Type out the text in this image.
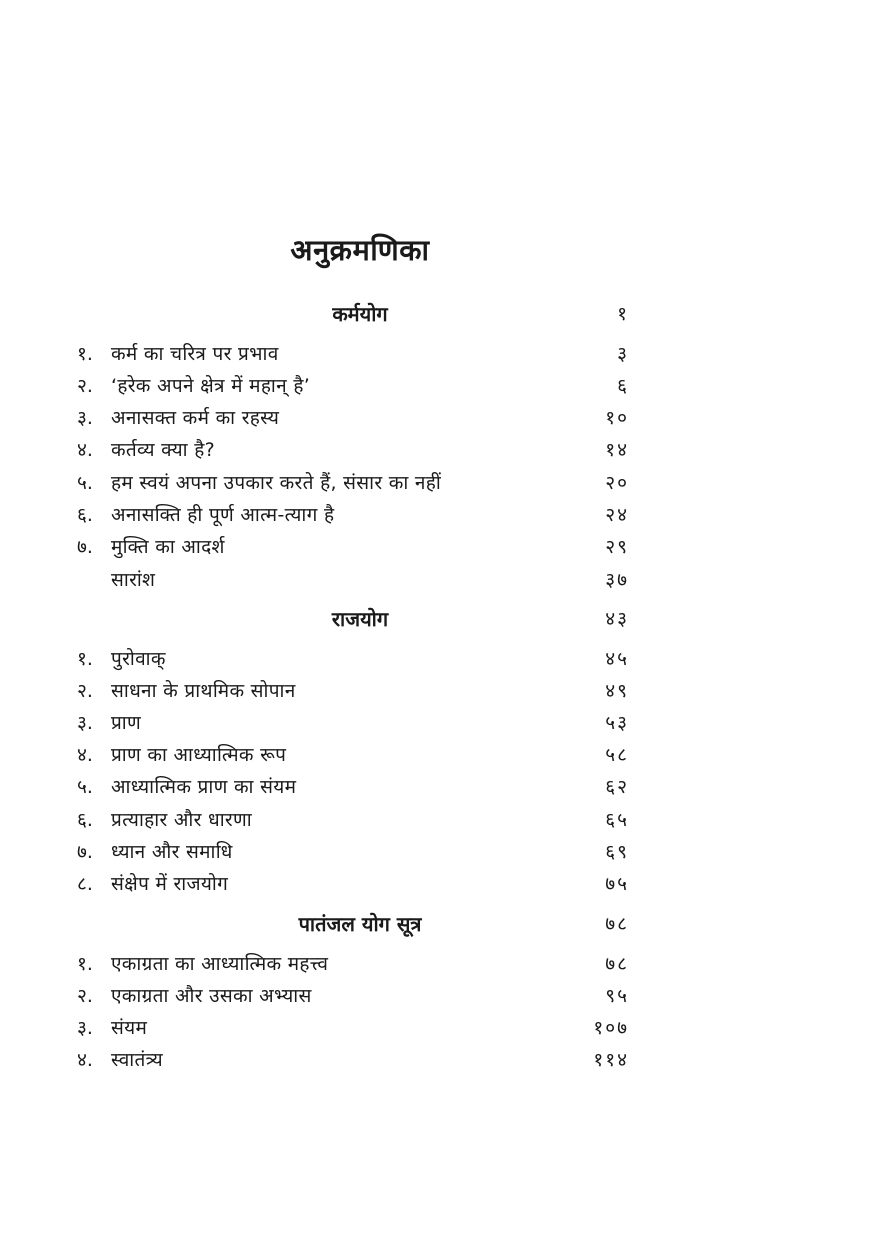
अनुक्रमणिका
कर्मयोग	१
१. कर्म का चरित्र पर प्रभाव	३
२. ‘हरेक अपने क्षेत्र में महान् है’	६
३. अनासक्त कर्म का रहस्य	१०
४. कर्तव्य क्या है?	१४
५. हम स्वयं अपना उपकार करते हैं, संसार का नहीं	२०
६. अनासक्ति ही पूर्ण आत्म-त्याग है	२४
७. मुक्ति का आदर्श	२९
सारांश	३७
राजयोग	४३
१. पुरोवाक्	४५
२. साधना के प्राथमिक सोपान	४९
३. प्राण	५३
४. प्राण का आध्यात्मिक रूप	५८
५. आध्यात्मिक प्राण का संयम	६२
६. प्रत्याहार और धारणा	६५
७. ध्यान और समाधि	६९
८. संक्षेप में राजयोग	७५
पातंजल योग सूत्र	७८
१. एकाग्रता का आध्यात्मिक महत्त्व	७८
२. एकाग्रता और उसका अभ्यास	९५
३. संयम	१०७
४. स्वातंत्र्य	११४
